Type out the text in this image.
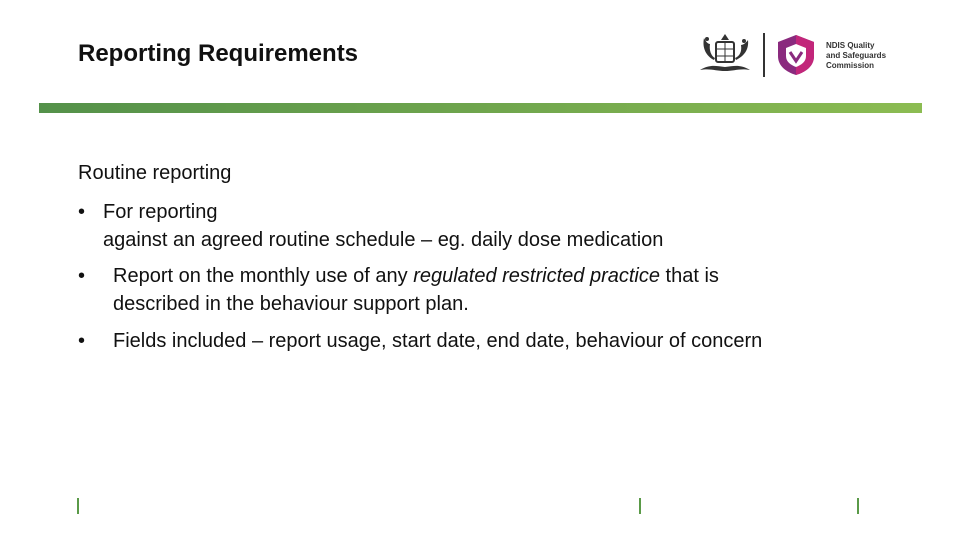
Reporting Requirements	NDIS Quality
and Safeguards
Commission
Routine reporting
• For reporting
against an agreed routine schedule – eg. daily dose medication
• Report on the monthly use of any regulated restricted practice that is
described in the behaviour support plan.
• Fields included – report usage, start date, end date, behaviour of concern
